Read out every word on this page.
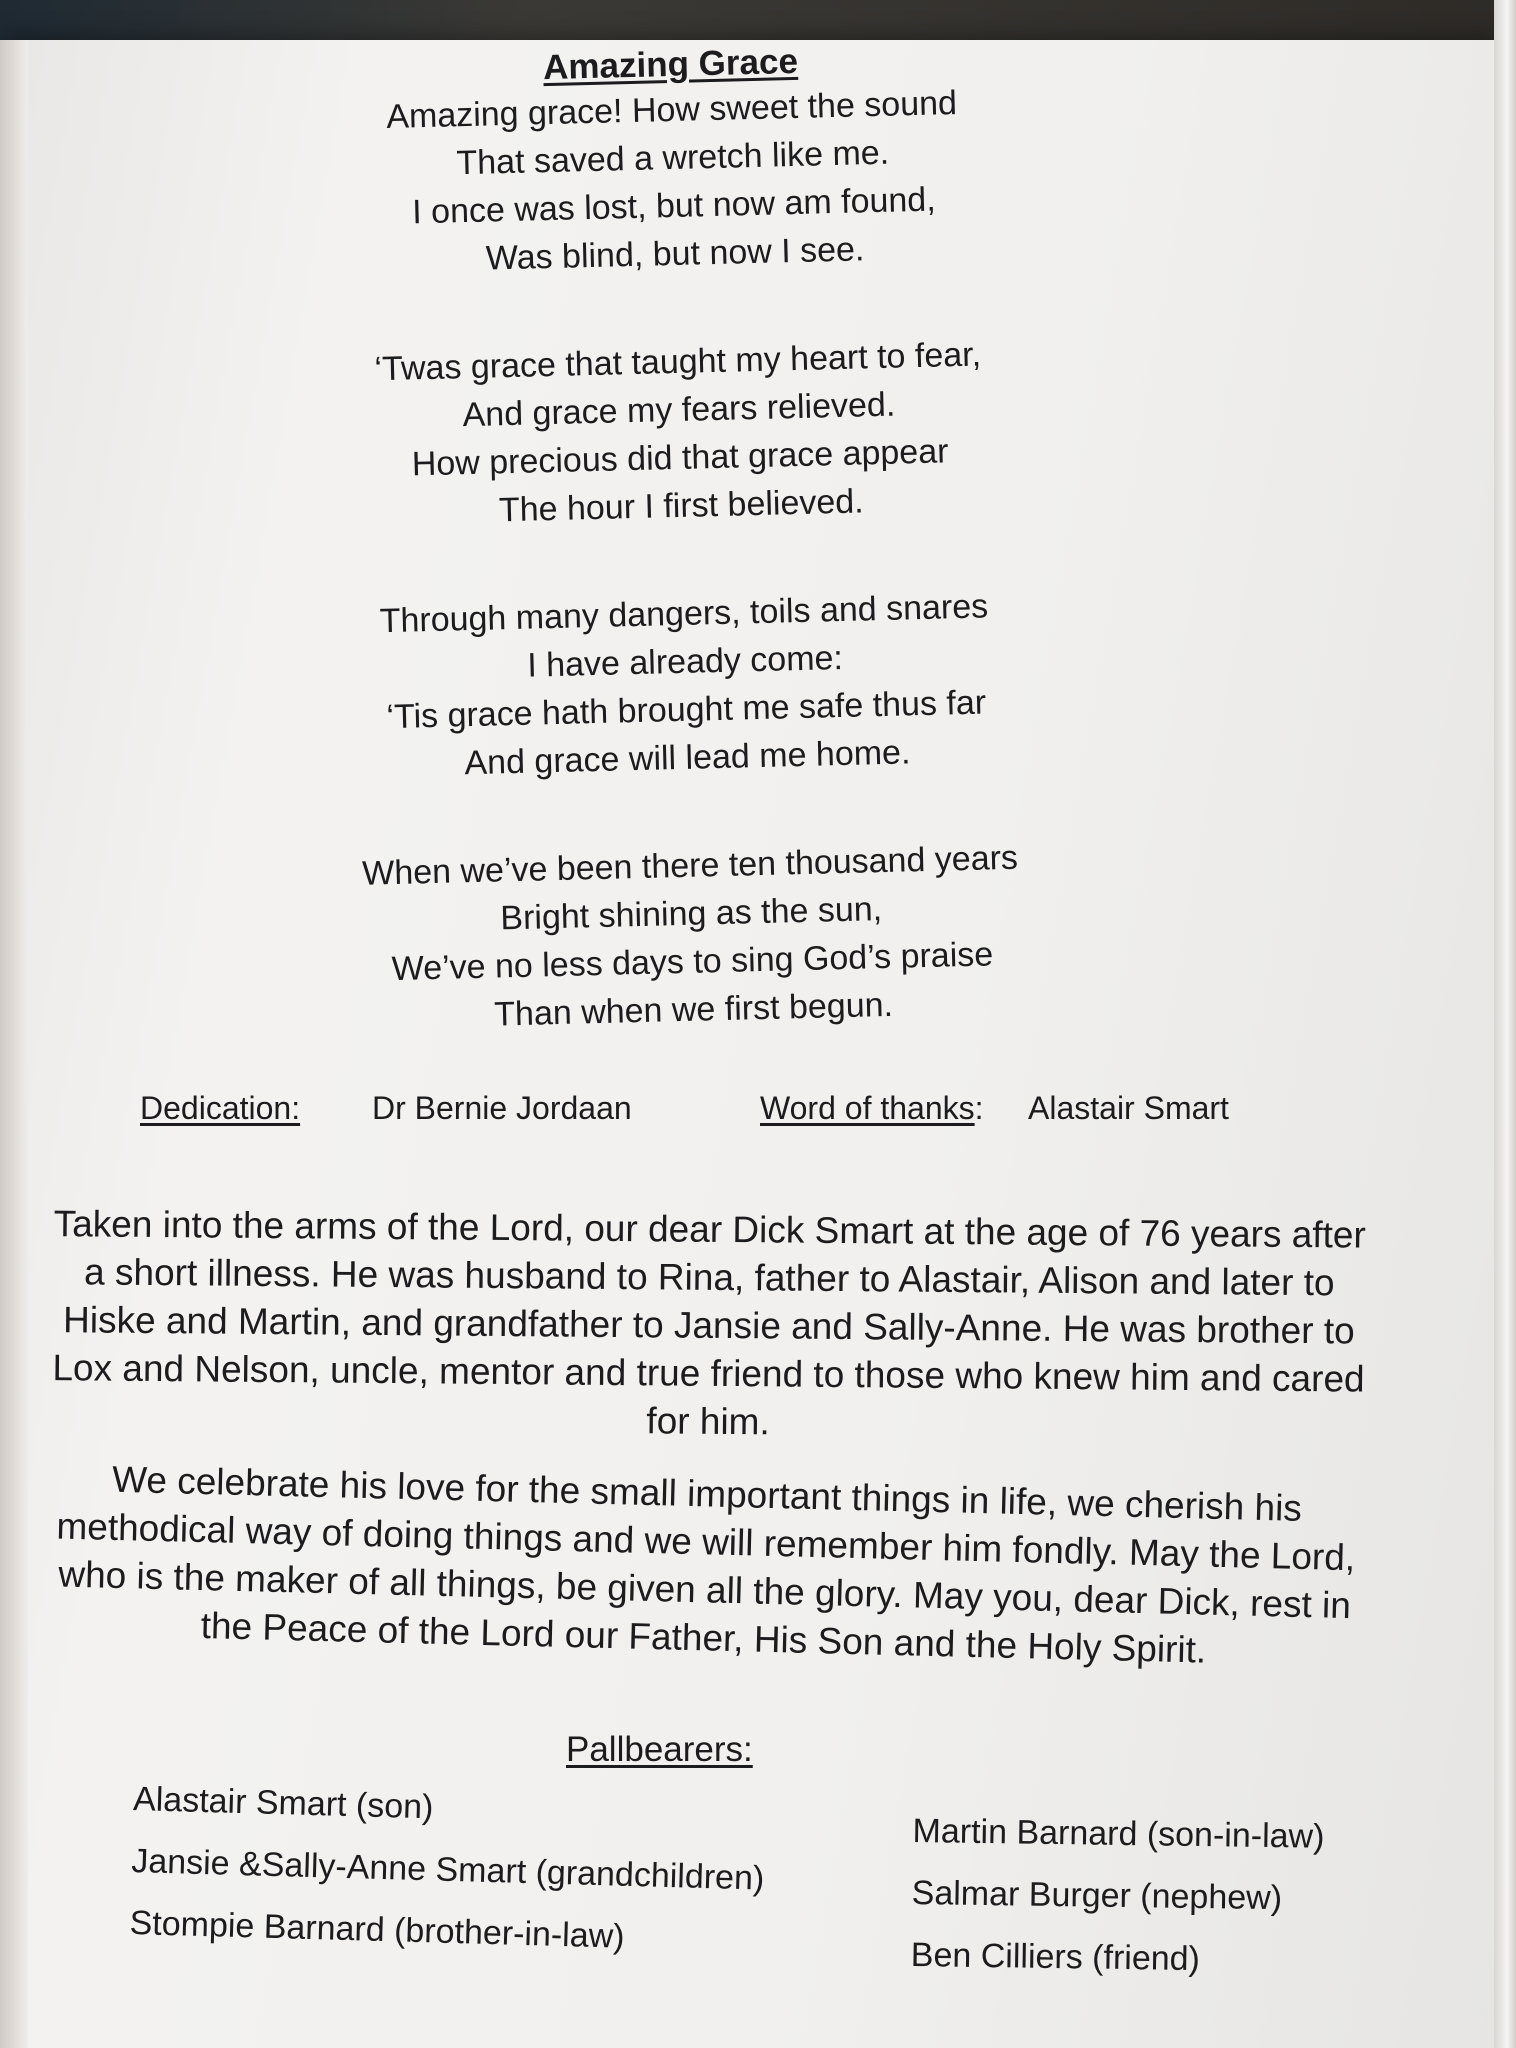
Amazing Grace

Amazing grace! How sweet the sound
That saved a wretch like me.
I once was lost, but now am found,
Was blind, but now I see.
‘Twas grace that taught my heart to fear,
And grace my fears relieved.
How precious did that grace appear
The hour I first believed.
Through many dangers, toils and snares
I have already come:
‘Tis grace hath brought me safe thus far
And grace will lead me home.
When we’ve been there ten thousand years
Bright shining as the sun,
We’ve no less days to sing God’s praise
Than when we first begun.
Dedication: Dr Bernie Jordaan	Word of thanks: Alastair Smart

Taken into the arms of the Lord, our dear Dick Smart at the age of 76 years after a short illness. He was husband to Rina, father to Alastair, Alison and later to Hiske and Martin, and grandfather to Jansie and Sally-Anne. He was brother to Lox and Nelson, uncle, mentor and true friend to those who knew him and cared for him.

We celebrate his love for the small important things in life, we cherish his methodical way of doing things and we will remember him fondly. May the Lord, who is the maker of all things, be given all the glory. May you, dear Dick, rest in the Peace of the Lord our Father, His Son and the Holy Spirit.

Pallbearers:
Alastair Smart (son)
Jansie &Sally-Anne Smart (grandchildren)
Stompie Barnard (brother-in-law)
Martin Barnard (son-in-law)
Salmar Burger (nephew)
Ben Cilliers (friend)
